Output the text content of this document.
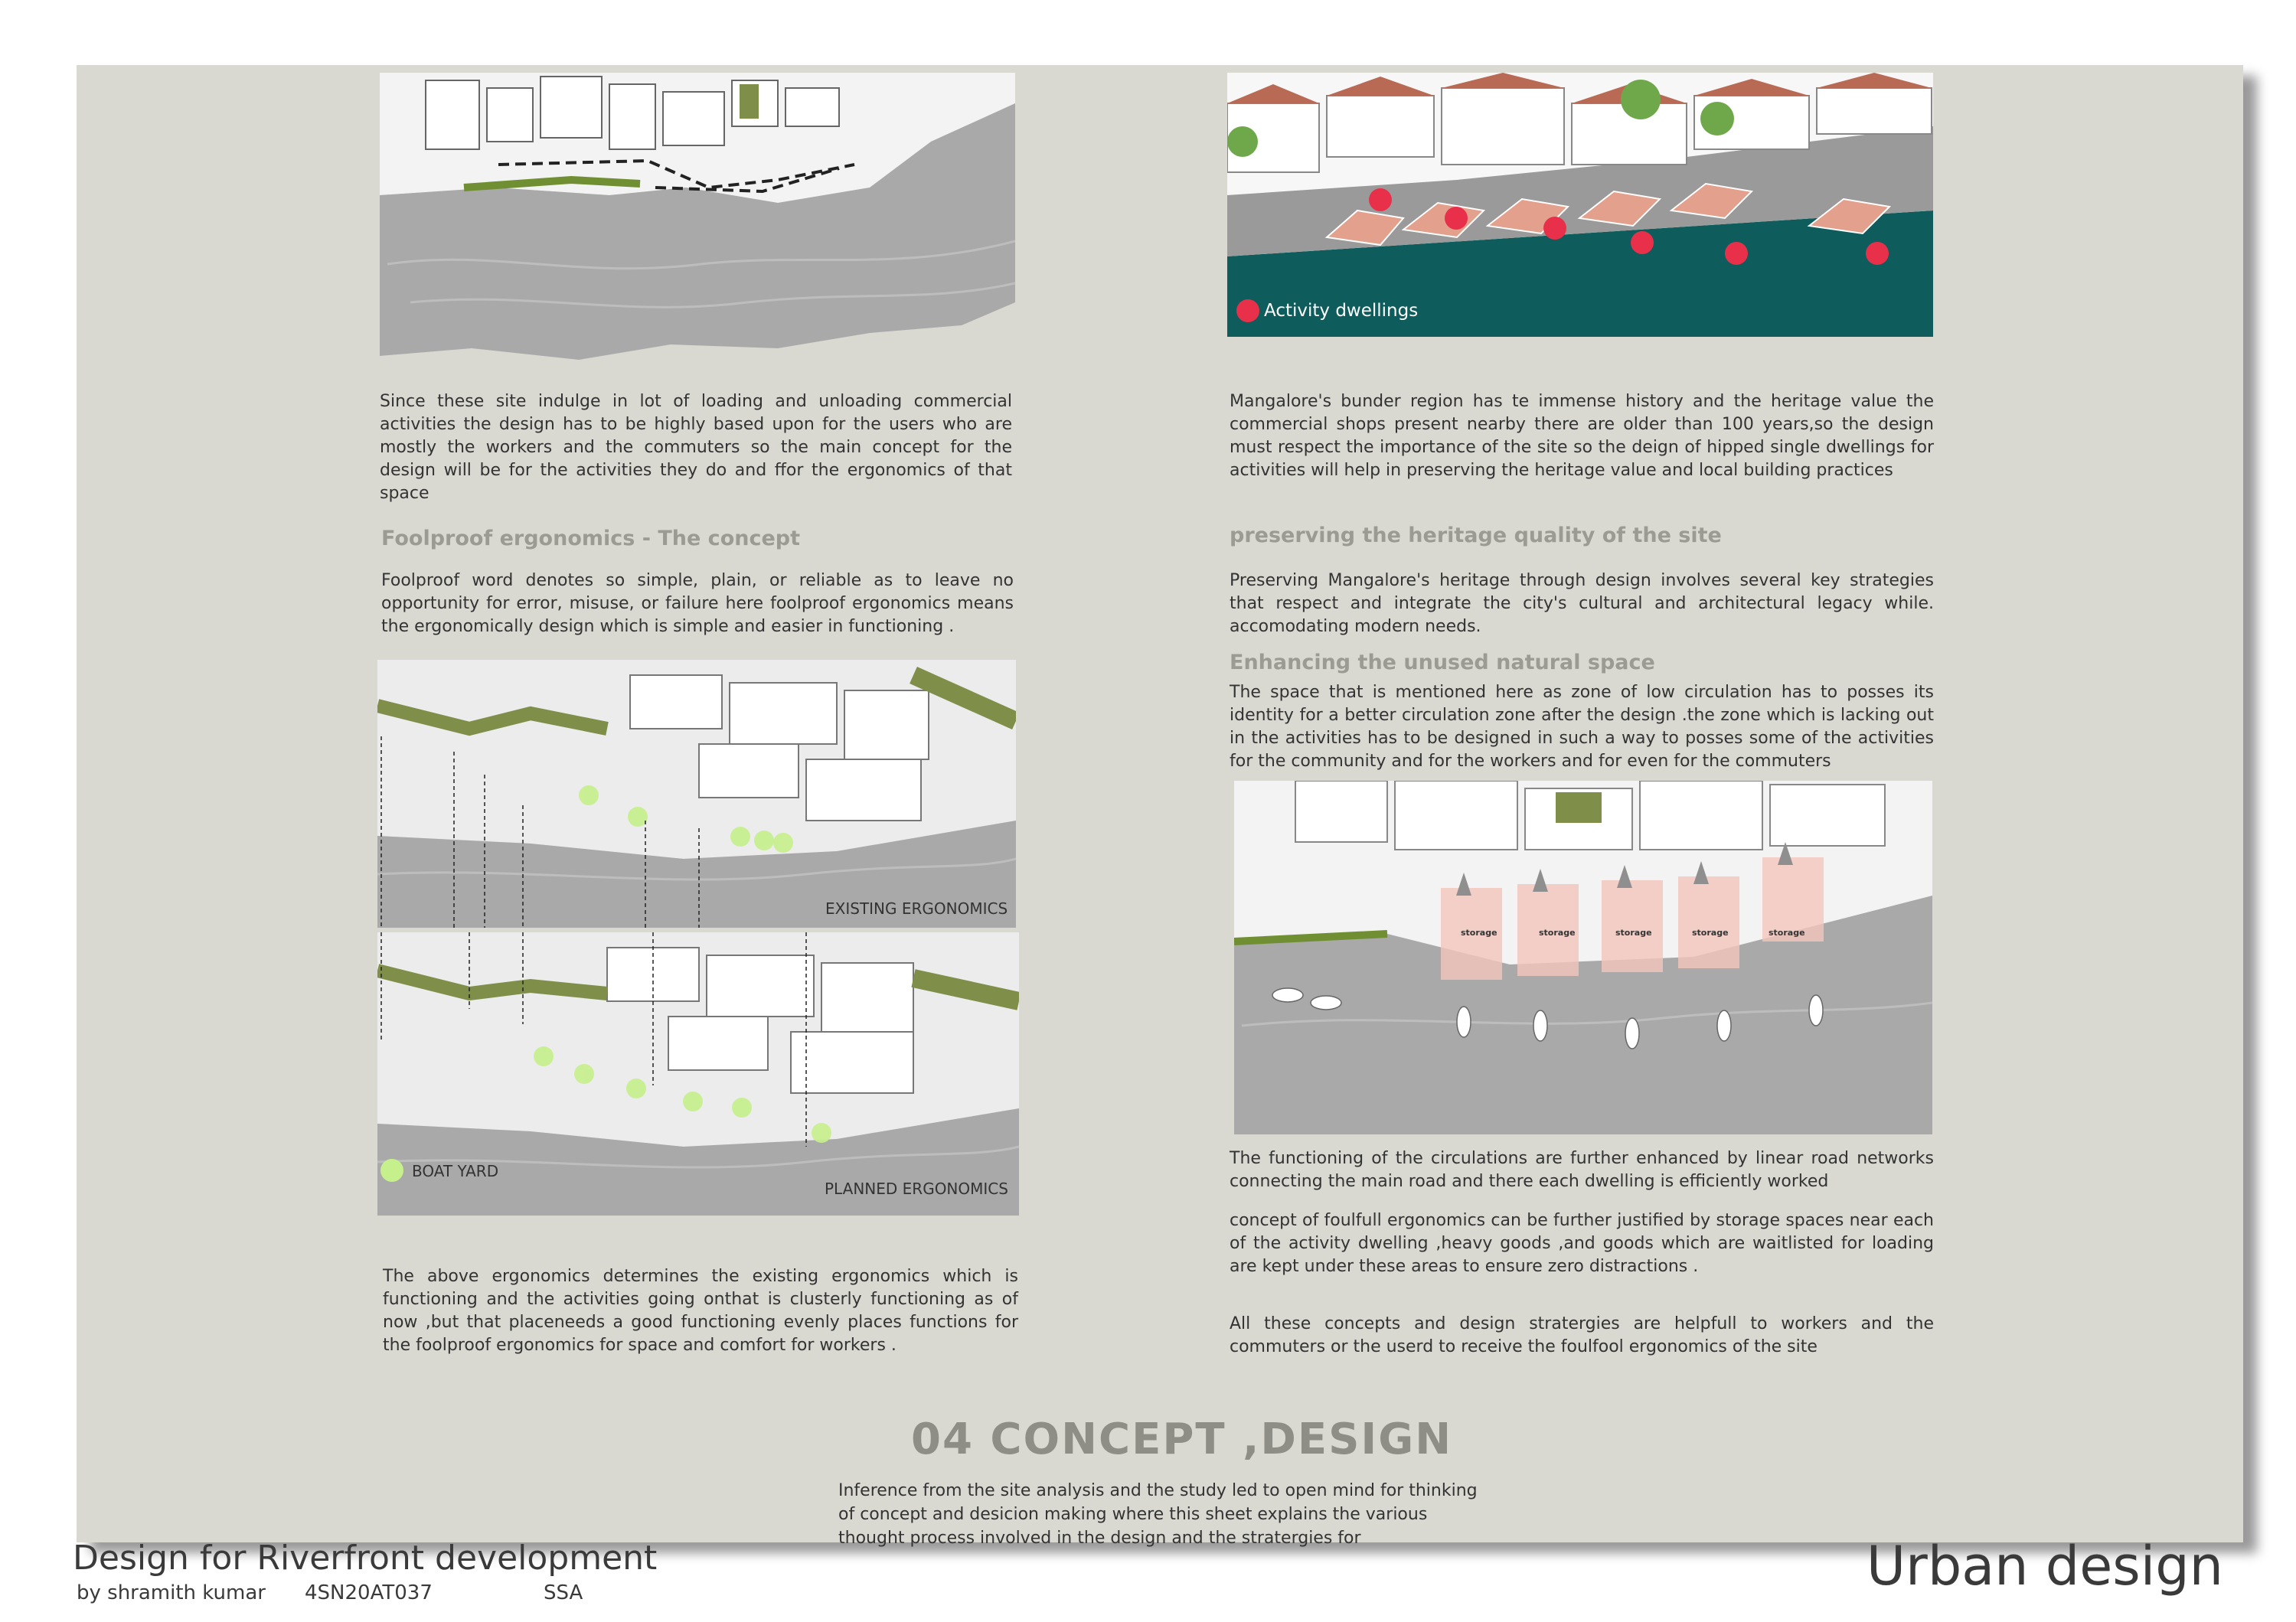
Since these site indulge in lot of loading and unloading commercial activities the design has to be highly based upon for the users who are mostly the workers and the commuters so the main concept for the design will be for the activities they do and ffor the ergonomics of that space

Foolproof ergonomics - The concept

Foolproof word denotes so simple, plain, or reliable as to leave no opportunity for error, misuse, or failure here foolproof ergonomics means the ergonomically design which is simple and easier in functioning .

EXISTING ERGONOMICS
BOAT YARD
PLANNED ERGONOMICS

The above ergonomics determines the existing ergonomics which is functioning and the activities going onthat is clusterly functioning as of now ,but that placeneeds a good functioning evenly places functions for the foolproof ergonomics for space and comfort for workers .

Activity dwellings

Mangalore's bunder region has te immense history and the heritage value the commercial shops present nearby there are older than 100 years,so the design must respect the importance of the site so the deign of hipped single dwellings for activities will help in preserving the heritage value and local building practices

preserving the heritage quality of the site

Preserving Mangalore's heritage through design involves several key strategies that respect and integrate the city's cultural and architectural legacy while. accomodating modern needs.

Enhancing the unused natural space

The space that is mentioned here as zone of low circulation has to posses its identity for a better circulation zone after the design .the zone which is lacking out in the activities has to be designed in such a way to posses some of the activities for the community and for the workers and for even for the commuters

storage	storage	storage	storage	storage

The functioning of the circulations are further enhanced by linear road networks connecting the main road and there each dwelling is efficiently worked

concept of foulfull ergonomics can be further justified by storage spaces near each of the activity dwelling ,heavy goods ,and goods which are waitlisted for loading are kept under these areas to ensure zero distractions .

All these concepts and design stratergies are helpfull to workers and the commuters or the userd to receive the foulfool ergonomics of the site

04 CONCEPT ,DESIGN

Inference from the site analysis and the study led to open mind for thinking of concept and desicion making where this sheet explains the various thought process involved in the design and the stratergies for

Design for Riverfront development
by shramith kumar 4SN20AT037	SSA	Urban design
